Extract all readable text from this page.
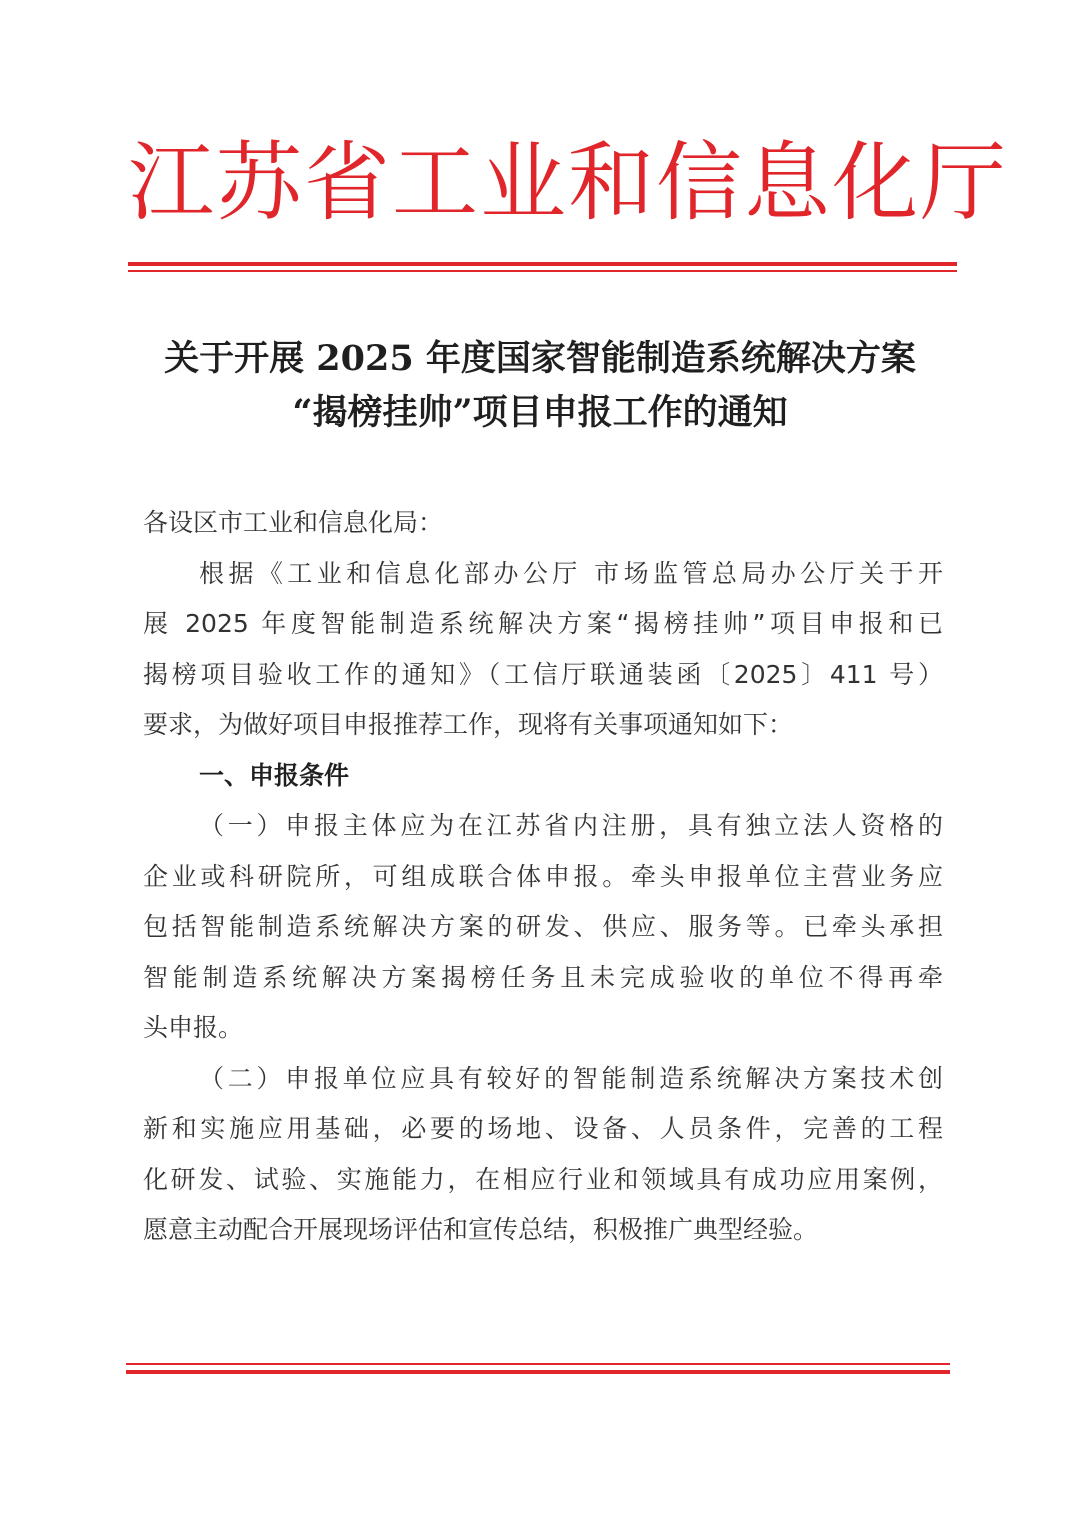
江苏省工业和信息化厅
关于开展 2025 年度国家智能制造系统解决方案
“揭榜挂帅”项目申报工作的通知
各设区市工业和信息化局：
根据《工业和信息化部办公厅 市场监管总局办公厅关于开
展 2025 年度智能制造系统解决方案“揭榜挂帅”项目申报和已
揭榜项目验收工作的通知》（工信厅联通装函〔2025〕411 号）
要求，为做好项目申报推荐工作，现将有关事项通知如下：
一、申报条件
（一）申报主体应为在江苏省内注册，具有独立法人资格的
企业或科研院所，可组成联合体申报。牵头申报单位主营业务应
包括智能制造系统解决方案的研发、供应、服务等。已牵头承担
智能制造系统解决方案揭榜任务且未完成验收的单位不得再牵
头申报。
（二）申报单位应具有较好的智能制造系统解决方案技术创
新和实施应用基础，必要的场地、设备、人员条件，完善的工程
化研发、试验、实施能力，在相应行业和领域具有成功应用案例，
愿意主动配合开展现场评估和宣传总结，积极推广典型经验。
